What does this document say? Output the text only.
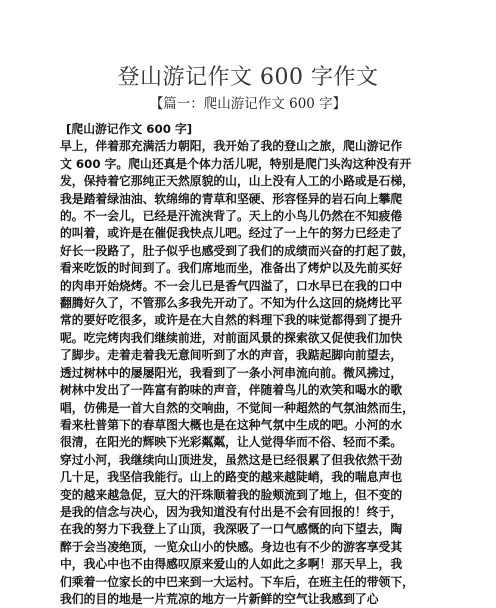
登山游记作文 600 字作文

【篇一：爬山游记作文 600 字】

[爬山游记作文 600 字]
早上，伴着那充满活力朝阳，我开始了我的登山之旅，爬山游记作
文 600 字。爬山还真是个体力活儿呢，特别是爬门头沟这种没有开
发，保持着它那纯正天然原貌的山，山上没有人工的小路或是石梯，
我是踏着绿油油、软绵绵的青草和坚硬、形容怪异的岩石向上攀爬
的。不一会儿，已经是汗流浃背了。天上的小鸟儿仍然在不知疲倦
的叫着，或许是在催促我快点儿吧。经过了一上午的努力已经走了
好长一段路了，肚子似乎也感受到了我们的成绩而兴奋的打起了鼓，
看来吃饭的时间到了。我们席地而坐，准备出了烤炉以及先前买好
的肉串开始烧烤。不一会儿已是香气四溢了，口水早已在我的口中
翻腾好久了，不管那么多我先开动了。不知为什么这回的烧烤比平
常的要好吃很多，或许是在大自然的料理下我的味觉都得到了提升
呢。吃完烤肉我们继续前进，对前面风景的探索欲又促使我们加快
了脚步。走着走着我无意间听到了水的声音，我踮起脚向前望去，
透过树林中的屡屡阳光，我看到了一条小河串流向前。微风拂过，
树林中发出了一阵富有韵味的声音，伴随着鸟儿的欢笑和喝水的歌
唱，仿佛是一首大自然的交响曲，不觉间一种超然的气氛油然而生，
看来杜普第下的春草图大概也是在这种气氛中生成的吧。小河的水
很清，在阳光的辉映下光彩粼粼，让人觉得华而不俗、轻而不柔。
穿过小河，我继续向山顶进发，虽然这是已经很累了但我依然干劲
几十足，我坚信我能行。山上的路变的越来越陡峭，我的喘息声也
变的越来越急促，豆大的汗珠顺着我的脸颊流到了地上，但不变的
是我的信念与决心，因为我知道没有付出是不会有回报的！终于，
在我的努力下我登上了山顶，我深吸了一口气感慨的向下望去，陶
醉于会当凌绝顶，一览众山小的快感。身边也有不少的游客享受其
中，我心中也不由得感叹原来爱山的人如此之多啊！那天早上，我
们乘着一位家长的中巴来到一大运村。下车后，在班主任的带领下，
我们的目的地是一片荒凉的地方一片新鲜的空气让我感到了心
